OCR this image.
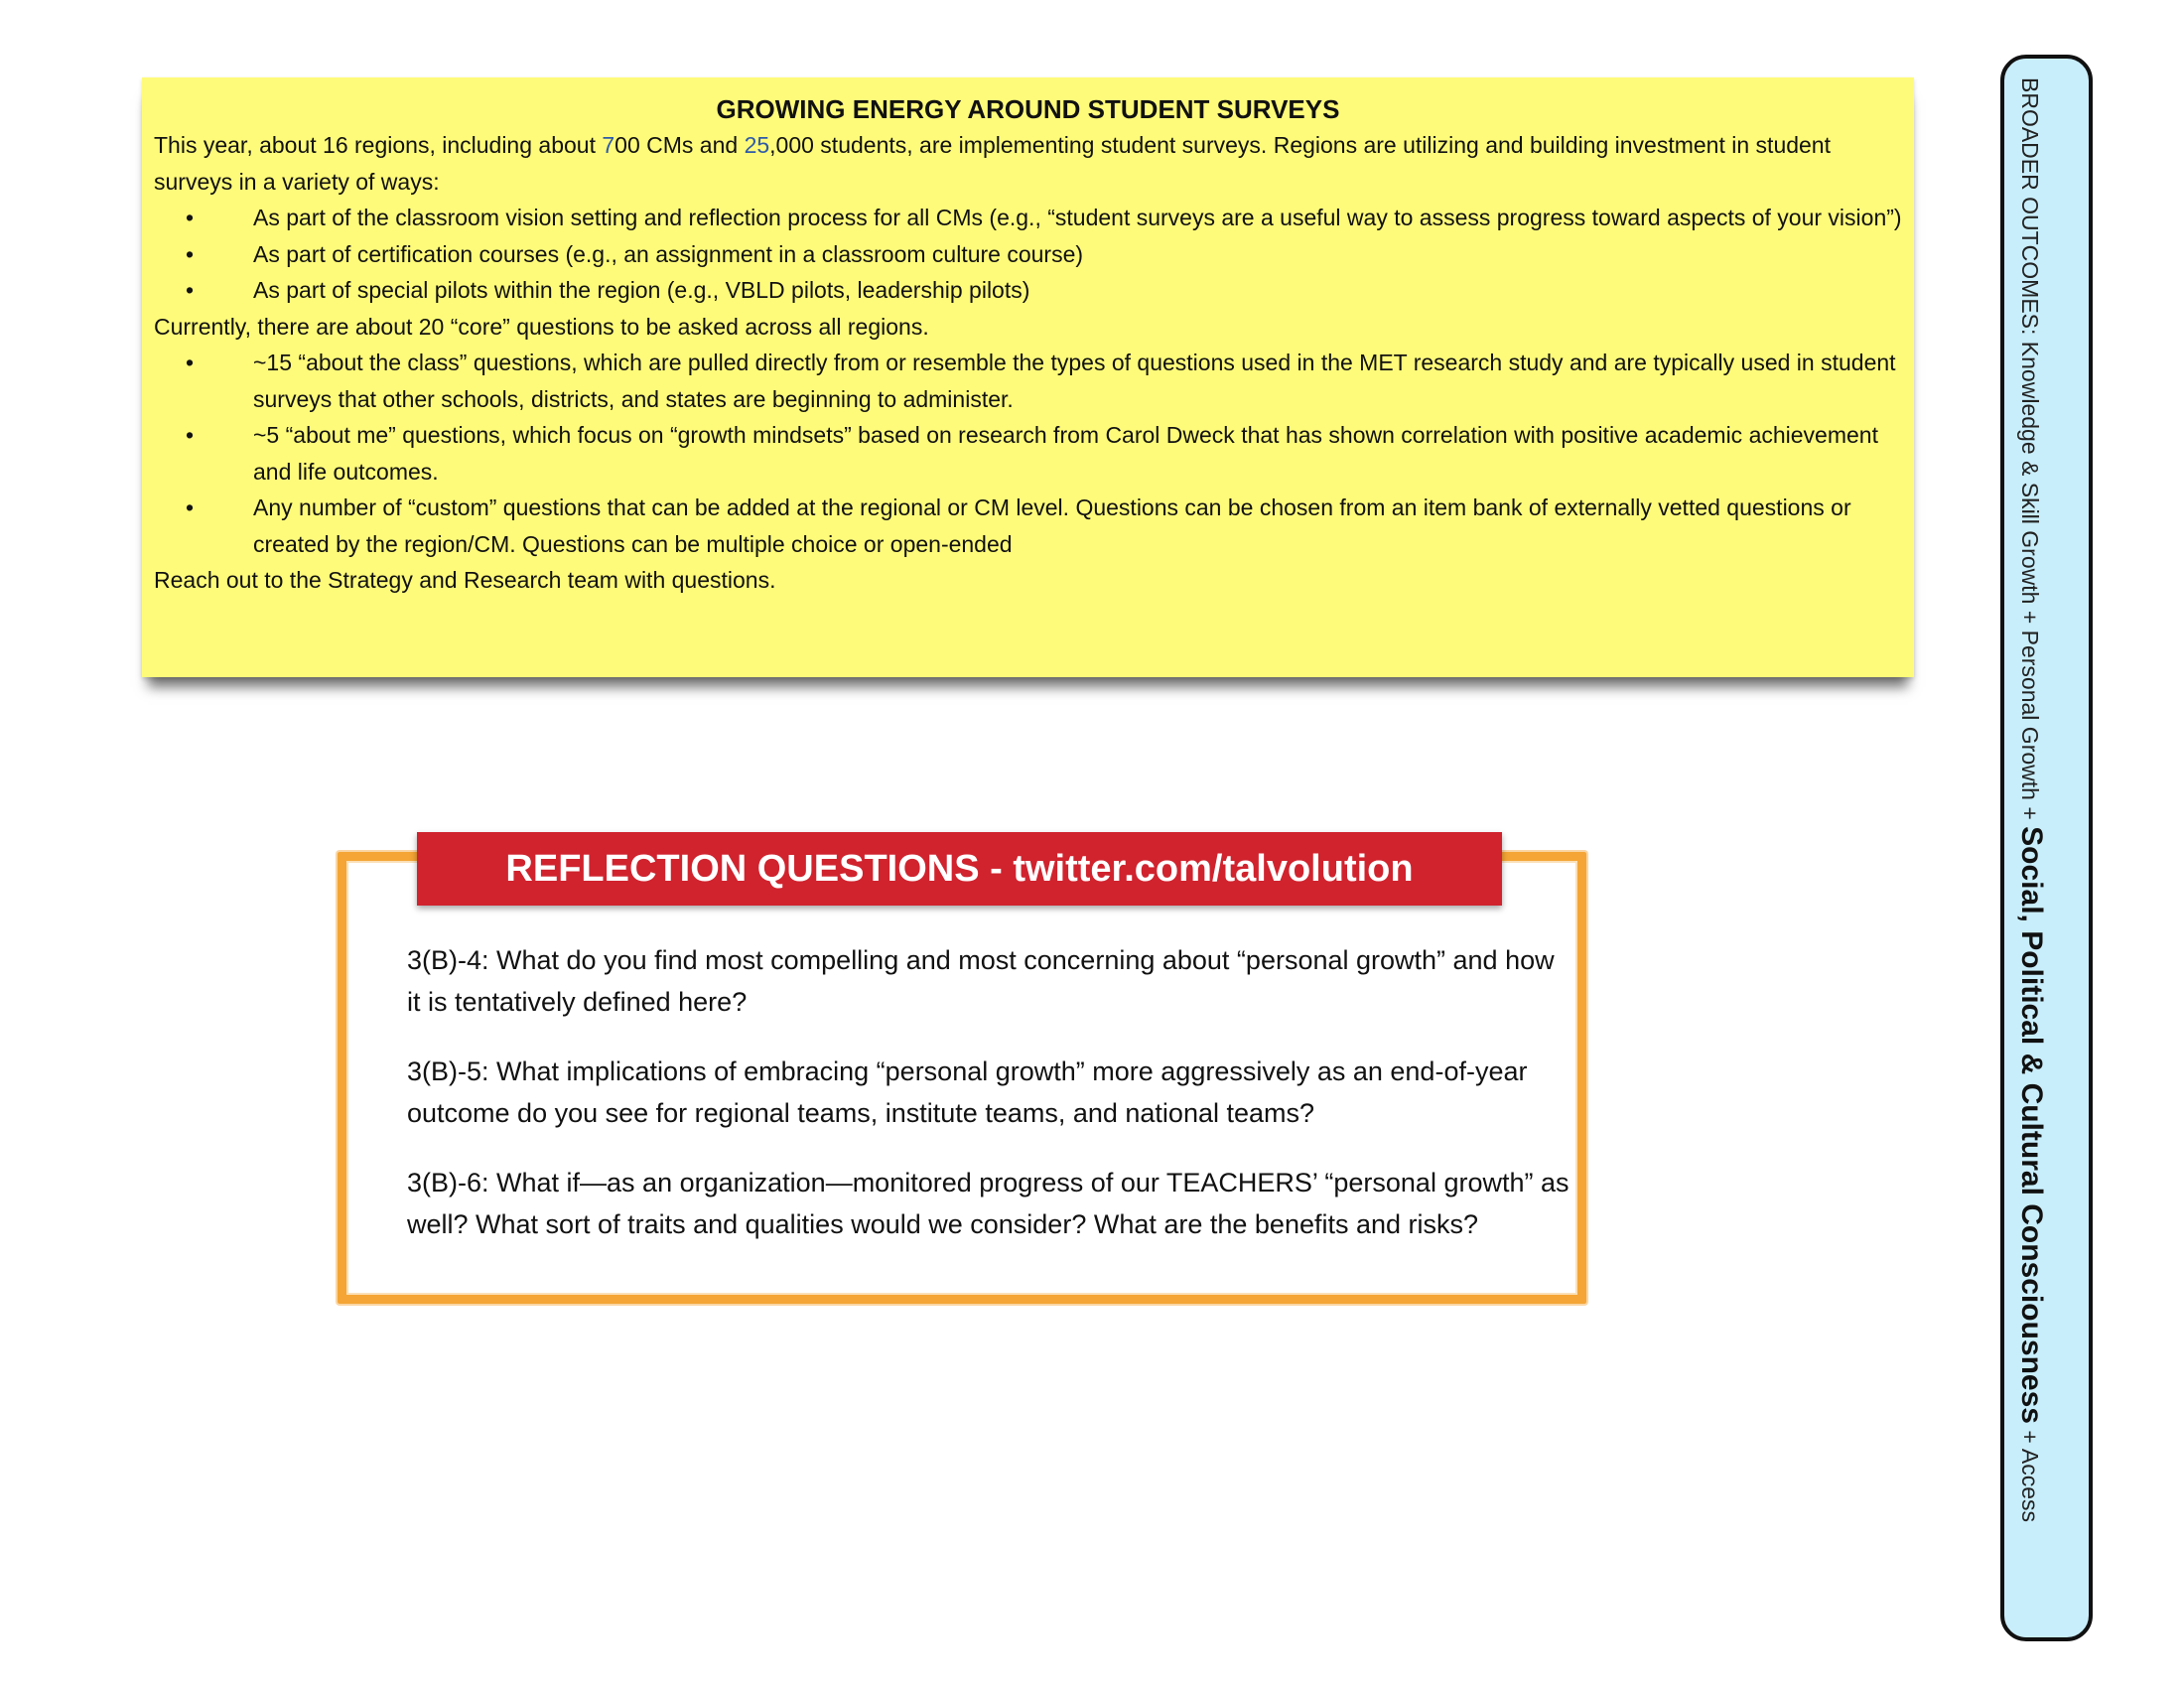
GROWING ENERGY AROUND STUDENT SURVEYS

This year, about 16 regions, including about 700 CMs and 25,000 students, are implementing student surveys. Regions are utilizing and building investment in student surveys in a variety of ways:

•	As part of the classroom vision setting and reflection process for all CMs (e.g., “student surveys are a useful way to assess progress toward aspects of your vision”)
•	As part of certification courses (e.g., an assignment in a classroom culture course)
•	As part of special pilots within the region (e.g., VBLD pilots, leadership pilots)

Currently, there are about 20 “core” questions to be asked across all regions.

•	~15 “about the class” questions, which are pulled directly from or resemble the types of questions used in the MET research study and are typically used in student surveys that other schools, districts, and states are beginning to administer.
•	~5 “about me” questions, which focus on “growth mindsets” based on research from Carol Dweck that has shown correlation with positive academic achievement and life outcomes.
•	Any number of “custom” questions that can be added at the regional or CM level. Questions can be chosen from an item bank of externally vetted questions or created by the region/CM. Questions can be multiple choice or open-ended

Reach out to the Strategy and Research team with questions.

REFLECTION QUESTIONS - twitter.com/talvolution

3(B)-4: What do you find most compelling and most concerning about “personal growth” and how it is tentatively defined here?

3(B)-5: What implications of embracing “personal growth” more aggressively as an end-of-year outcome do you see for regional teams, institute teams, and national teams?

3(B)-6: What if—as an organization—monitored progress of our TEACHERS’ “personal growth” as well? What sort of traits and qualities would we consider? What are the benefits and risks?

BROADER OUTCOMES: Knowledge & Skill Growth + Personal Growth + Social, Political & Cultural Consciousness + Access
